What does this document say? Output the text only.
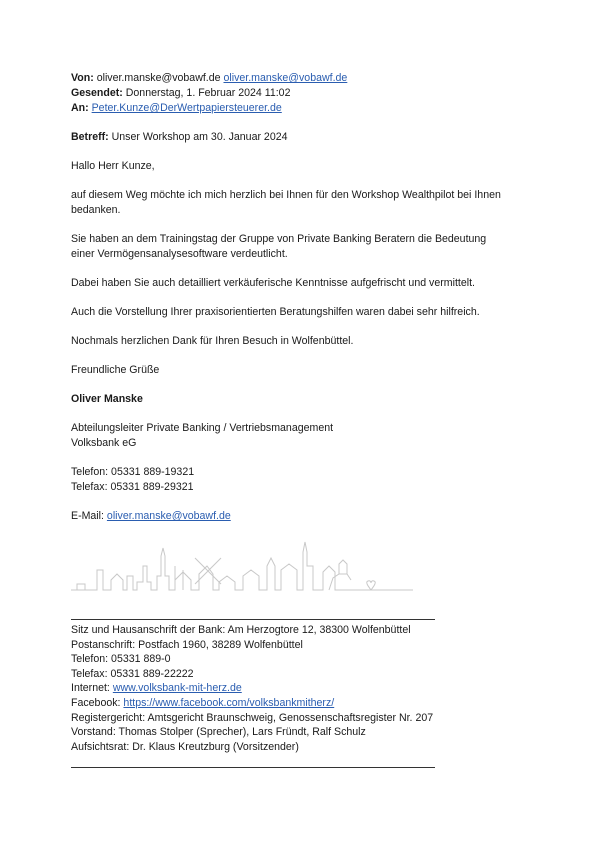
Von: oliver.manske@vobawf.de oliver.manske@vobawf.de
Gesendet: Donnerstag, 1. Februar 2024 11:02
An: Peter.Kunze@DerWertpapiersteuerer.de
Betreff: Unser Workshop am 30. Januar 2024
Hallo Herr Kunze,
auf diesem Weg möchte ich mich herzlich bei Ihnen für den Workshop Wealthpilot bei Ihnen
bedanken.
Sie haben an dem Trainingstag der Gruppe von Private Banking Beratern die Bedeutung
einer Vermögensanalysesoftware verdeutlicht.
Dabei haben Sie auch detailliert verkäuferische Kenntnisse aufgefrischt und vermittelt.
Auch die Vorstellung Ihrer praxisorientierten Beratungshilfen waren dabei sehr hilfreich.
Nochmals herzlichen Dank für Ihren Besuch in Wolfenbüttel.
Freundliche Grüße
Oliver Manske
Abteilungsleiter Private Banking / Vertriebsmanagement
Volksbank eG
Telefon: 05331 889-19321
Telefax: 05331 889-29321
E-Mail: oliver.manske@vobawf.de
Sitz und Hausanschrift der Bank: Am Herzogtore 12, 38300 Wolfenbüttel
Postanschrift: Postfach 1960, 38289 Wolfenbüttel
Telefon: 05331 889-0
Telefax: 05331 889-22222
Internet: www.volksbank-mit-herz.de
Facebook: https://www.facebook.com/volksbankmitherz/
Registergericht: Amtsgericht Braunschweig, Genossenschaftsregister Nr. 207
Vorstand: Thomas Stolper (Sprecher), Lars Fründt, Ralf Schulz
Aufsichtsrat: Dr. Klaus Kreutzburg (Vorsitzender)
